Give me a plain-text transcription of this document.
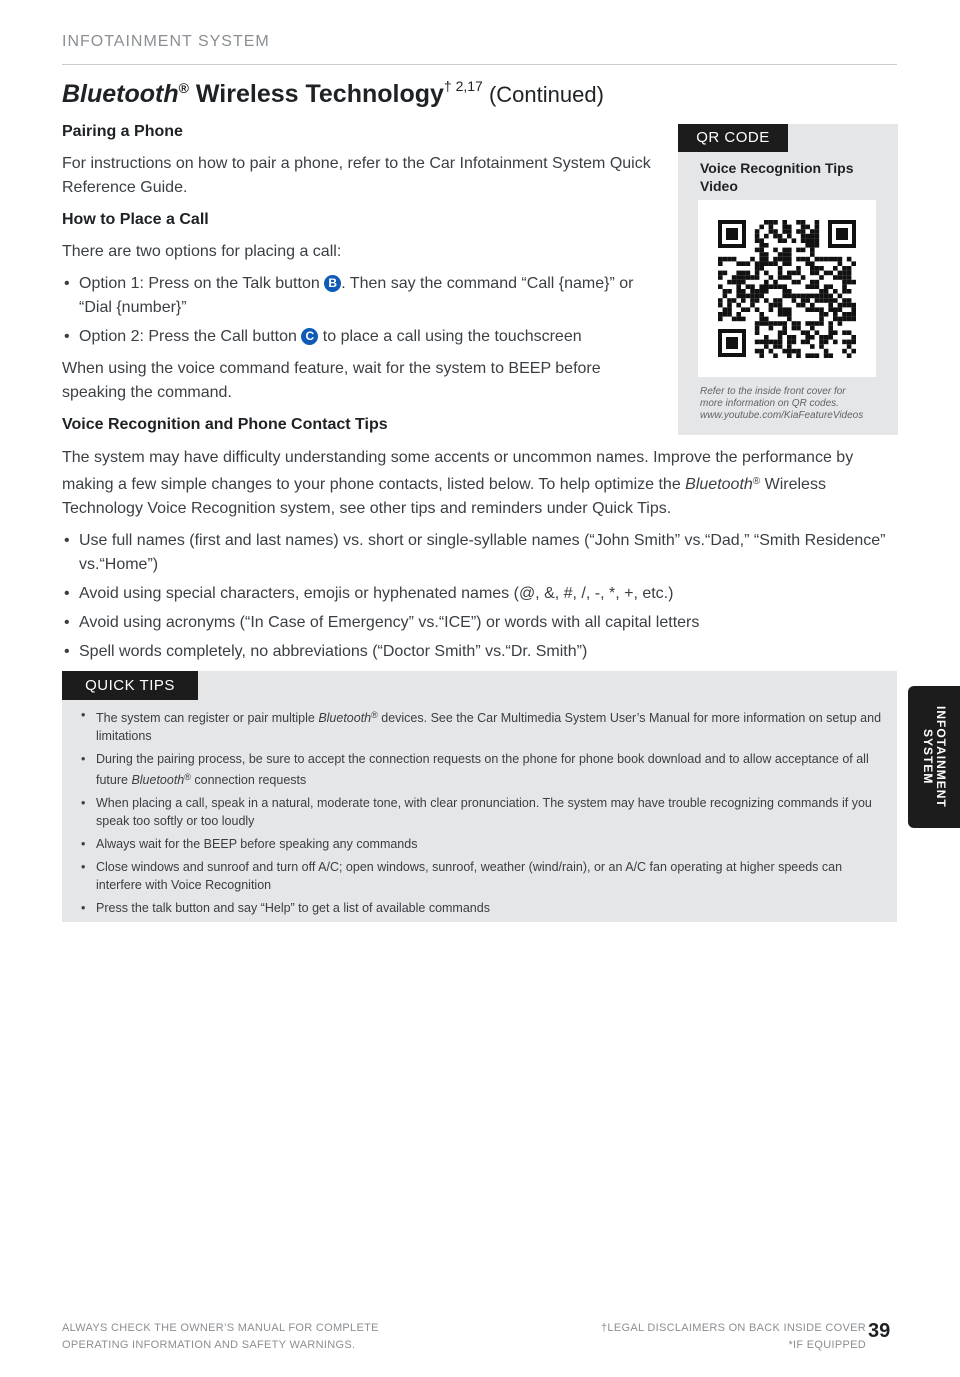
INFOTAINMENT SYSTEM
Bluetooth® Wireless Technology$^{\dagger 2,17}$ (Continued)
Pairing a Phone

For instructions on how to pair a phone, refer to the Car Infotainment System Quick Reference Guide.

How to Place a Call

There are two options for placing a call:

• Option 1: Press on the Talk button B . Then say the command “Call {name}” or “Dial {number}”
• Option 2: Press the Call button C to place a call using the touchscreen

When using the voice command feature, wait for the system to BEEP before speaking the command.

Voice Recognition and Phone Contact Tips

The system may have difficulty understanding some accents or uncommon names. Improve the performance by making a few simple changes to your phone contacts, listed below. To help optimize the Bluetooth® Wireless Technology Voice Recognition system, see other tips and reminders under Quick Tips.

• Use full names (first and last names) vs. short or single-syllable names (“John Smith” vs.“Dad,” “Smith Residence” vs.“Home”)
• Avoid using special characters, emojis or hyphenated names (@, &, #, /, -, *, +, etc.)
• Avoid using acronyms (“In Case of Emergency” vs.“ICE”) or words with all capital letters
• Spell words completely, no abbreviations (“Doctor Smith” vs.“Dr. Smith”)
QR CODE
Voice Recognition Tips Video
Refer to the inside front cover for
more information on QR codes.
www.youtube.com/KiaFeatureVideos
QUICK TIPS
• The system can register or pair multiple Bluetooth® devices. See the Car Multimedia System User’s Manual for more information on setup and limitations
• During the pairing process, be sure to accept the connection requests on the phone for phone book download and to allow acceptance of all future Bluetooth® connection requests
• When placing a call, speak in a natural, moderate tone, with clear pronunciation. The system may have trouble recognizing commands if you speak too softly or too loudly
• Always wait for the BEEP before speaking any commands
• Close windows and sunroof and turn off A/C; open windows, sunroof, weather (wind/rain), or an A/C fan operating at higher speeds can interfere with Voice Recognition
• Press the talk button and say “Help” to get a list of available commands
INFOTAINMENT
SYSTEM
ALWAYS CHECK THE OWNER’S MANUAL FOR COMPLETE
OPERATING INFORMATION AND SAFETY WARNINGS.
†LEGAL DISCLAIMERS ON BACK INSIDE COVER
*IF EQUIPPED
39
